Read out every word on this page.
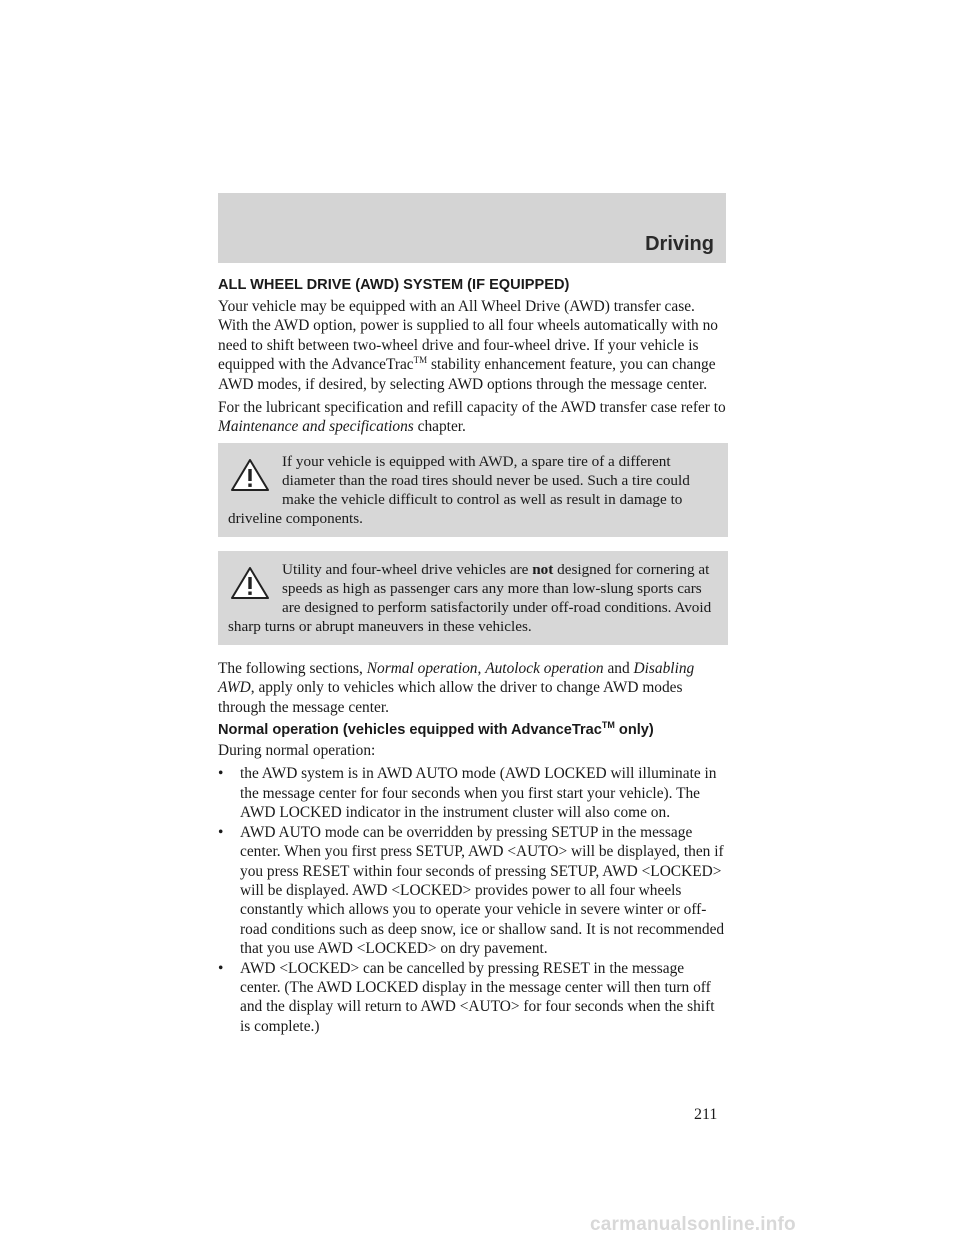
Driving
ALL WHEEL DRIVE (AWD) SYSTEM (IF EQUIPPED)

Your vehicle may be equipped with an All Wheel Drive (AWD) transfer case. With the AWD option, power is supplied to all four wheels automatically with no need to shift between two-wheel drive and four-wheel drive. If your vehicle is equipped with the AdvanceTrac™ stability enhancement feature, you can change AWD modes, if desired, by selecting AWD options through the message center.

For the lubricant specification and refill capacity of the AWD transfer case refer to Maintenance and specifications chapter.

If your vehicle is equipped with AWD, a spare tire of a different diameter than the road tires should never be used. Such a tire could make the vehicle difficult to control as well as result in damage to driveline components.
Utility and four-wheel drive vehicles are not designed for cornering at speeds as high as passenger cars any more than low-slung sports cars are designed to perform satisfactorily under off-road conditions. Avoid sharp turns or abrupt maneuvers in these vehicles.

The following sections, Normal operation, Autolock operation and Disabling AWD, apply only to vehicles which allow the driver to change AWD modes through the message center.

Normal operation (vehicles equipped with AdvanceTrac™ only)

During normal operation:

• the AWD system is in AWD AUTO mode (AWD LOCKED will illuminate in the message center for four seconds when you first start your vehicle). The AWD LOCKED indicator in the instrument cluster will also come on.
• AWD AUTO mode can be overridden by pressing SETUP in the message center. When you first press SETUP, AWD <AUTO> will be displayed, then if you press RESET within four seconds of pressing SETUP, AWD <LOCKED> will be displayed. AWD <LOCKED> provides power to all four wheels constantly which allows you to operate your vehicle in severe winter or off-road conditions such as deep snow, ice or shallow sand. It is not recommended that you use AWD <LOCKED> on dry pavement.
• AWD <LOCKED> can be cancelled by pressing RESET in the message center. (The AWD LOCKED display in the message center will then turn off and the display will return to AWD <AUTO> for four seconds when the shift is complete.)
211
carmanualsonline.info
